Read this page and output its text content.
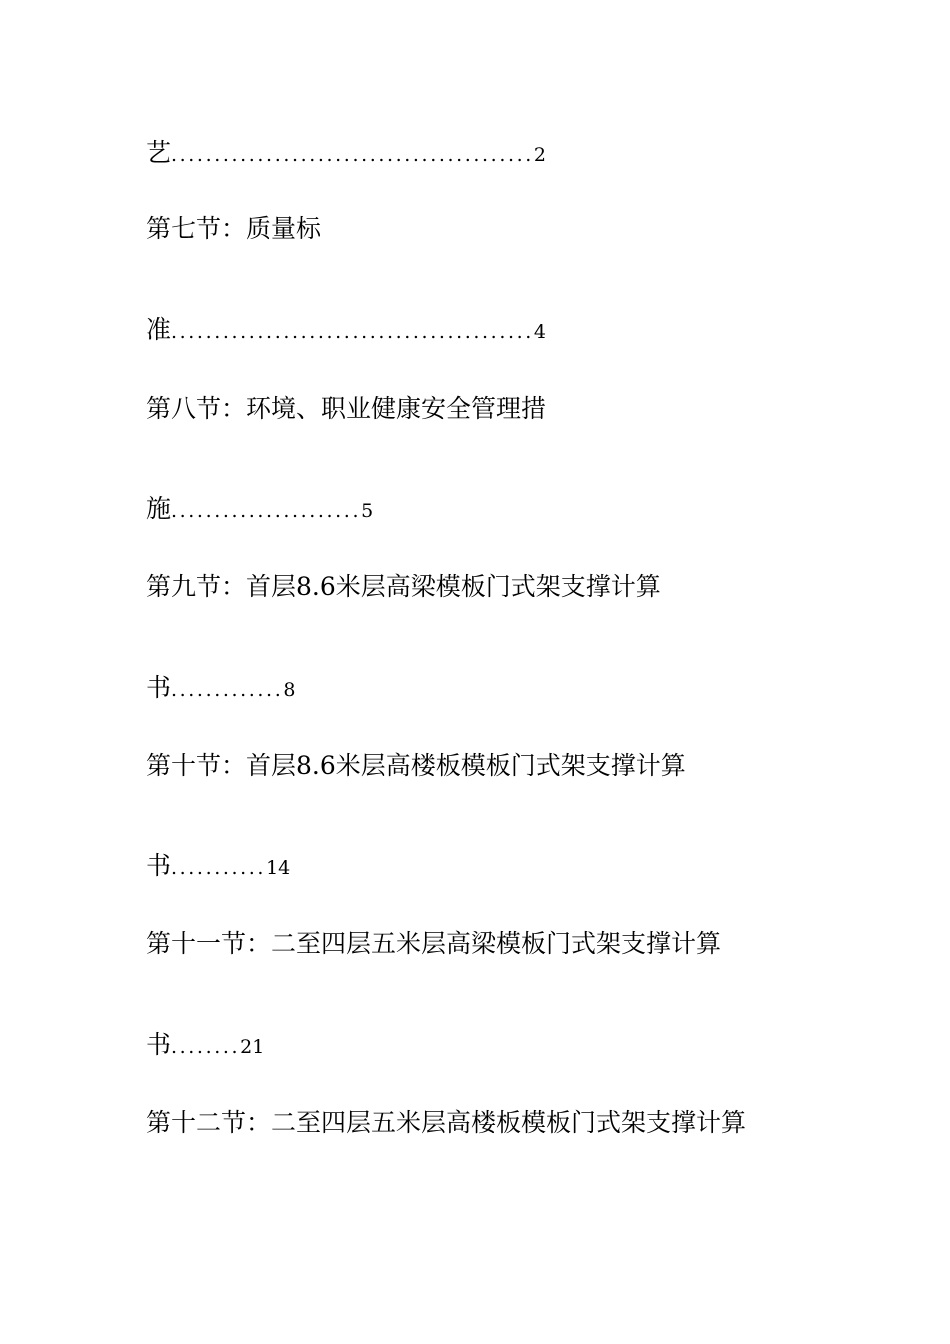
艺..........................................2
第七节：质量标
准..........................................4
第八节：环境、职业健康安全管理措
施......................5
第九节：首层8.6米层高梁模板门式架支撑计算
书.............8
第十节：首层8.6米层高楼板模板门式架支撑计算
书...........14
第十一节：二至四层五米层高梁模板门式架支撑计算
书........21
第十二节：二至四层五米层高楼板模板门式架支撑计算
